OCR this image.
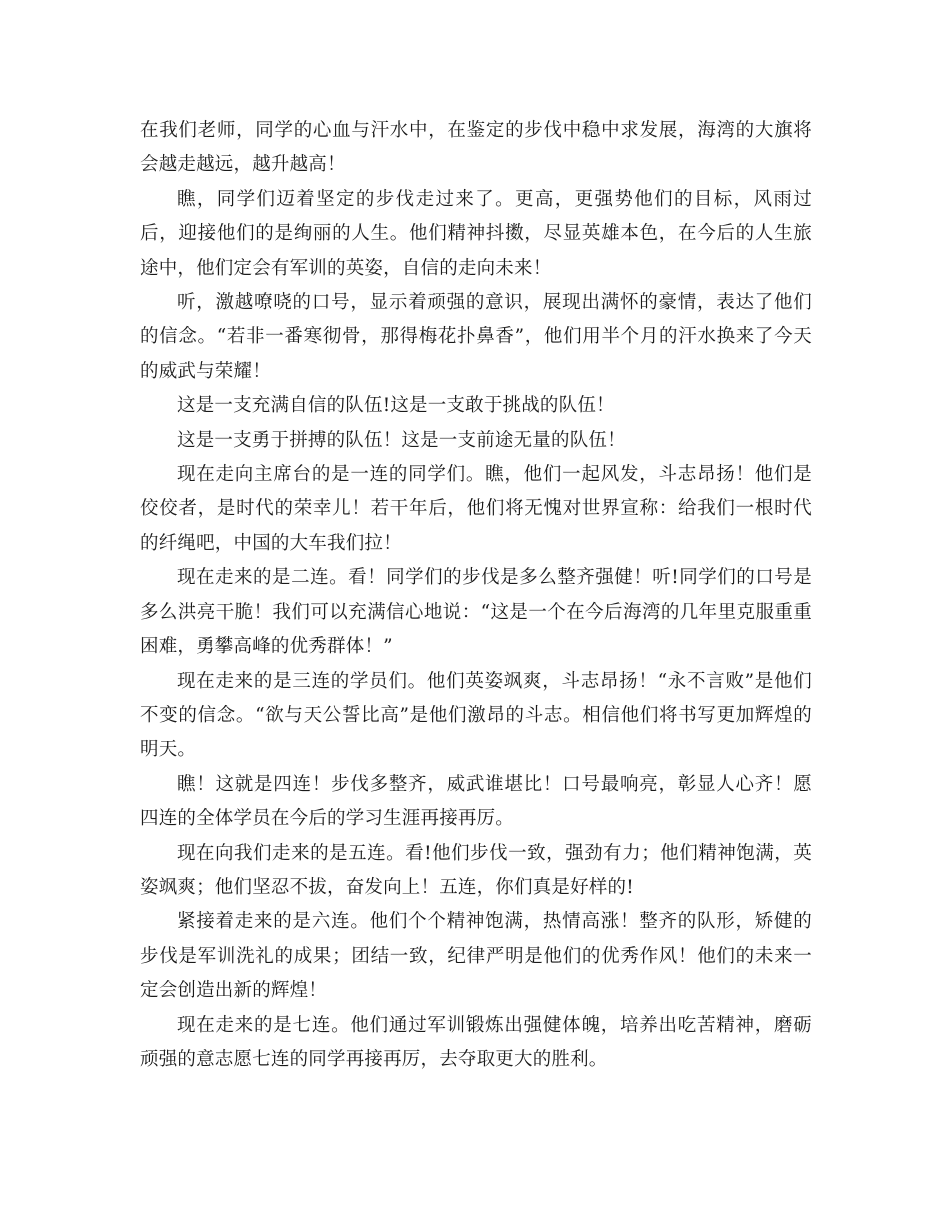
在我们老师，同学的心血与汗水中，在鉴定的步伐中稳中求发展，海湾的大旗将会越走越远，越升越高！

瞧，同学们迈着坚定的步伐走过来了。更高，更强势他们的目标，风雨过后，迎接他们的是绚丽的人生。他们精神抖擞，尽显英雄本色，在今后的人生旅途中，他们定会有军训的英姿，自信的走向未来！

听，激越嘹哓的口号，显示着顽强的意识，展现出满怀的豪情，表达了他们的信念。“若非一番寒彻骨，那得梅花扑鼻香”，他们用半个月的汗水换来了今天的威武与荣耀！

这是一支充满自信的队伍!这是一支敢于挑战的队伍！

这是一支勇于拼搏的队伍！这是一支前途无量的队伍！

现在走向主席台的是一连的同学们。瞧，他们一起风发，斗志昂扬！他们是佼佼者，是时代的荣幸儿！若干年后，他们将无愧对世界宣称：给我们一根时代的纤绳吧，中国的大车我们拉！

现在走来的是二连。看！同学们的步伐是多么整齐强健！听!同学们的口号是多么洪亮干脆！我们可以充满信心地说：“这是一个在今后海湾的几年里克服重重困难，勇攀高峰的优秀群体！”

现在走来的是三连的学员们。他们英姿飒爽，斗志昂扬！“永不言败”是他们不变的信念。“欲与天公誓比高”是他们激昂的斗志。相信他们将书写更加辉煌的明天。

瞧！这就是四连！步伐多整齐，威武谁堪比！口号最响亮，彰显人心齐！愿四连的全体学员在今后的学习生涯再接再厉。

现在向我们走来的是五连。看!他们步伐一致，强劲有力；他们精神饱满，英姿飒爽；他们坚忍不拔，奋发向上！五连，你们真是好样的!

紧接着走来的是六连。他们个个精神饱满，热情高涨！整齐的队形，矫健的步伐是军训洗礼的成果；团结一致，纪律严明是他们的优秀作风！他们的未来一定会创造出新的辉煌！

现在走来的是七连。他们通过军训锻炼出强健体魄，培养出吃苦精神，磨砺顽强的意志愿七连的同学再接再厉，去夺取更大的胜利。
